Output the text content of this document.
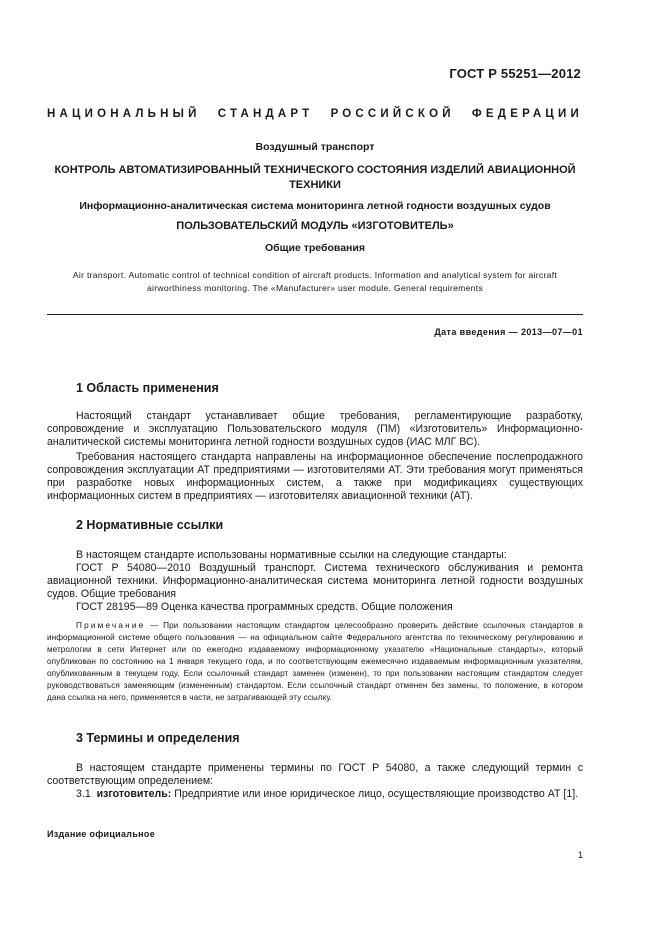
ГОСТ Р 55251—2012
НАЦИОНАЛЬНЫЙ СТАНДАРТ РОССИЙСКОЙ ФЕДЕРАЦИИ
Воздушный транспорт
КОНТРОЛЬ АВТОМАТИЗИРОВАННЫЙ ТЕХНИЧЕСКОГО СОСТОЯНИЯ ИЗДЕЛИЙ АВИАЦИОННОЙ ТЕХНИКИ
Информационно-аналитическая система мониторинга летной годности воздушных судов
ПОЛЬЗОВАТЕЛЬСКИЙ МОДУЛЬ «ИЗГОТОВИТЕЛЬ»
Общие требования
Air transport. Automatic control of technical condition of aircraft products. Information and analytical system for aircraft airworthiness monitoring. The «Manufacturer» user module. General requirements
Дата введения — 2013—07—01
1 Область применения
Настоящий стандарт устанавливает общие требования, регламентирующие разработку, сопровождение и эксплуатацию Пользовательского модуля (ПМ) «Изготовитель» Информационно-аналитической системы мониторинга летной годности воздушных судов (ИАС МЛГ ВС).
Требования настоящего стандарта направлены на информационное обеспечение послепродажного сопровождения эксплуатации АТ предприятиями — изготовителями АТ. Эти требования могут применяться при разработке новых информационных систем, а также при модификациях существующих информационных систем в предприятиях — изготовителях авиационной техники (АТ).
2 Нормативные ссылки
В настоящем стандарте использованы нормативные ссылки на следующие стандарты:
ГОСТ Р 54080—2010 Воздушный транспорт. Система технического обслуживания и ремонта авиационной техники. Информационно-аналитическая система мониторинга летной годности воздушных судов. Общие требования
ГОСТ 28195—89 Оценка качества программных средств. Общие положения
Примечание — При пользовании настоящим стандартом целесообразно проверить действие ссылочных стандартов в информационной системе общего пользования — на официальном сайте Федерального агентства по техническому регулированию и метрологии в сети Интернет или по ежегодно издаваемому информационному указателю «Национальные стандарты», который опубликован по состоянию на 1 января текущего года, и по соответствующим ежемесячно издаваемым информационным указателям, опубликованным в текущем году. Если ссылочный стандарт заменен (изменен), то при пользовании настоящим стандартом следует руководствоваться заменяющим (измененным) стандартом. Если ссылочный стандарт отменен без замены, то положение, в котором дана ссылка на него, применяется в части, не затрагивающей эту ссылку.
3 Термины и определения
В настоящем стандарте применены термины по ГОСТ Р 54080, а также следующий термин с соответствующим определением:
3.1 изготовитель: Предприятие или иное юридическое лицо, осуществляющие производство АТ [1].
Издание официальное
1
